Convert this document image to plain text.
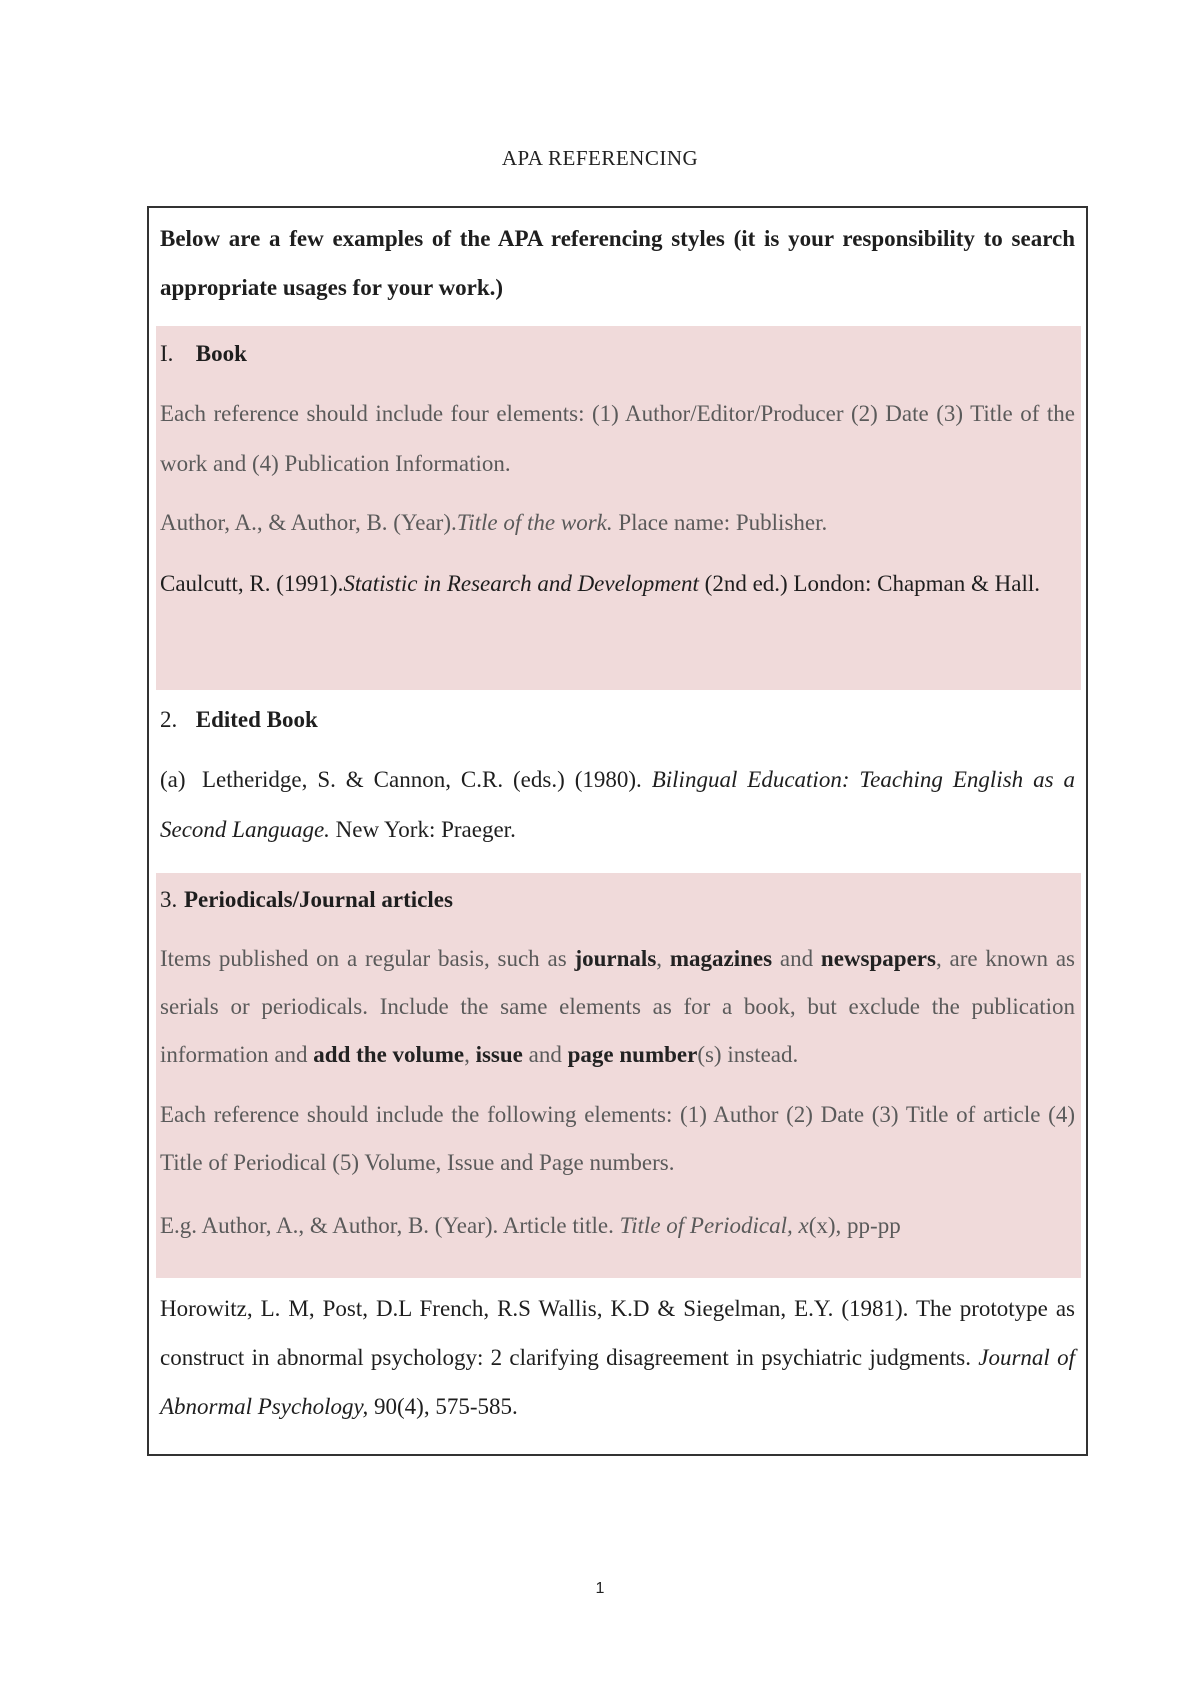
APA REFERENCING

Below are a few examples of the APA referencing styles (it is your responsibility to search appropriate usages for your work.)

I. Book

Each reference should include four elements: (1) Author/Editor/Producer (2) Date (3) Title of the work and (4) Publication Information.

Author, A., & Author, B. (Year).Title of the work. Place name: Publisher.

Caulcutt, R. (1991).Statistic in Research and Development (2nd ed.) London: Chapman & Hall.

2. Edited Book

(a) Letheridge, S. & Cannon, C.R. (eds.) (1980). Bilingual Education: Teaching English as a Second Language. New York: Praeger.

3. Periodicals/Journal articles

Items published on a regular basis, such as journals, magazines and newspapers, are known as serials or periodicals. Include the same elements as for a book, but exclude the publication information and add the volume, issue and page number(s) instead.

Each reference should include the following elements: (1) Author (2) Date (3) Title of article (4) Title of Periodical (5) Volume, Issue and Page numbers.

E.g. Author, A., & Author, B. (Year). Article title. Title of Periodical, x(x), pp-pp

Horowitz, L. M, Post, D.L French, R.S Wallis, K.D & Siegelman, E.Y. (1981). The prototype as construct in abnormal psychology: 2 clarifying disagreement in psychiatric judgments. Journal of Abnormal Psychology, 90(4), 575-585.

1
